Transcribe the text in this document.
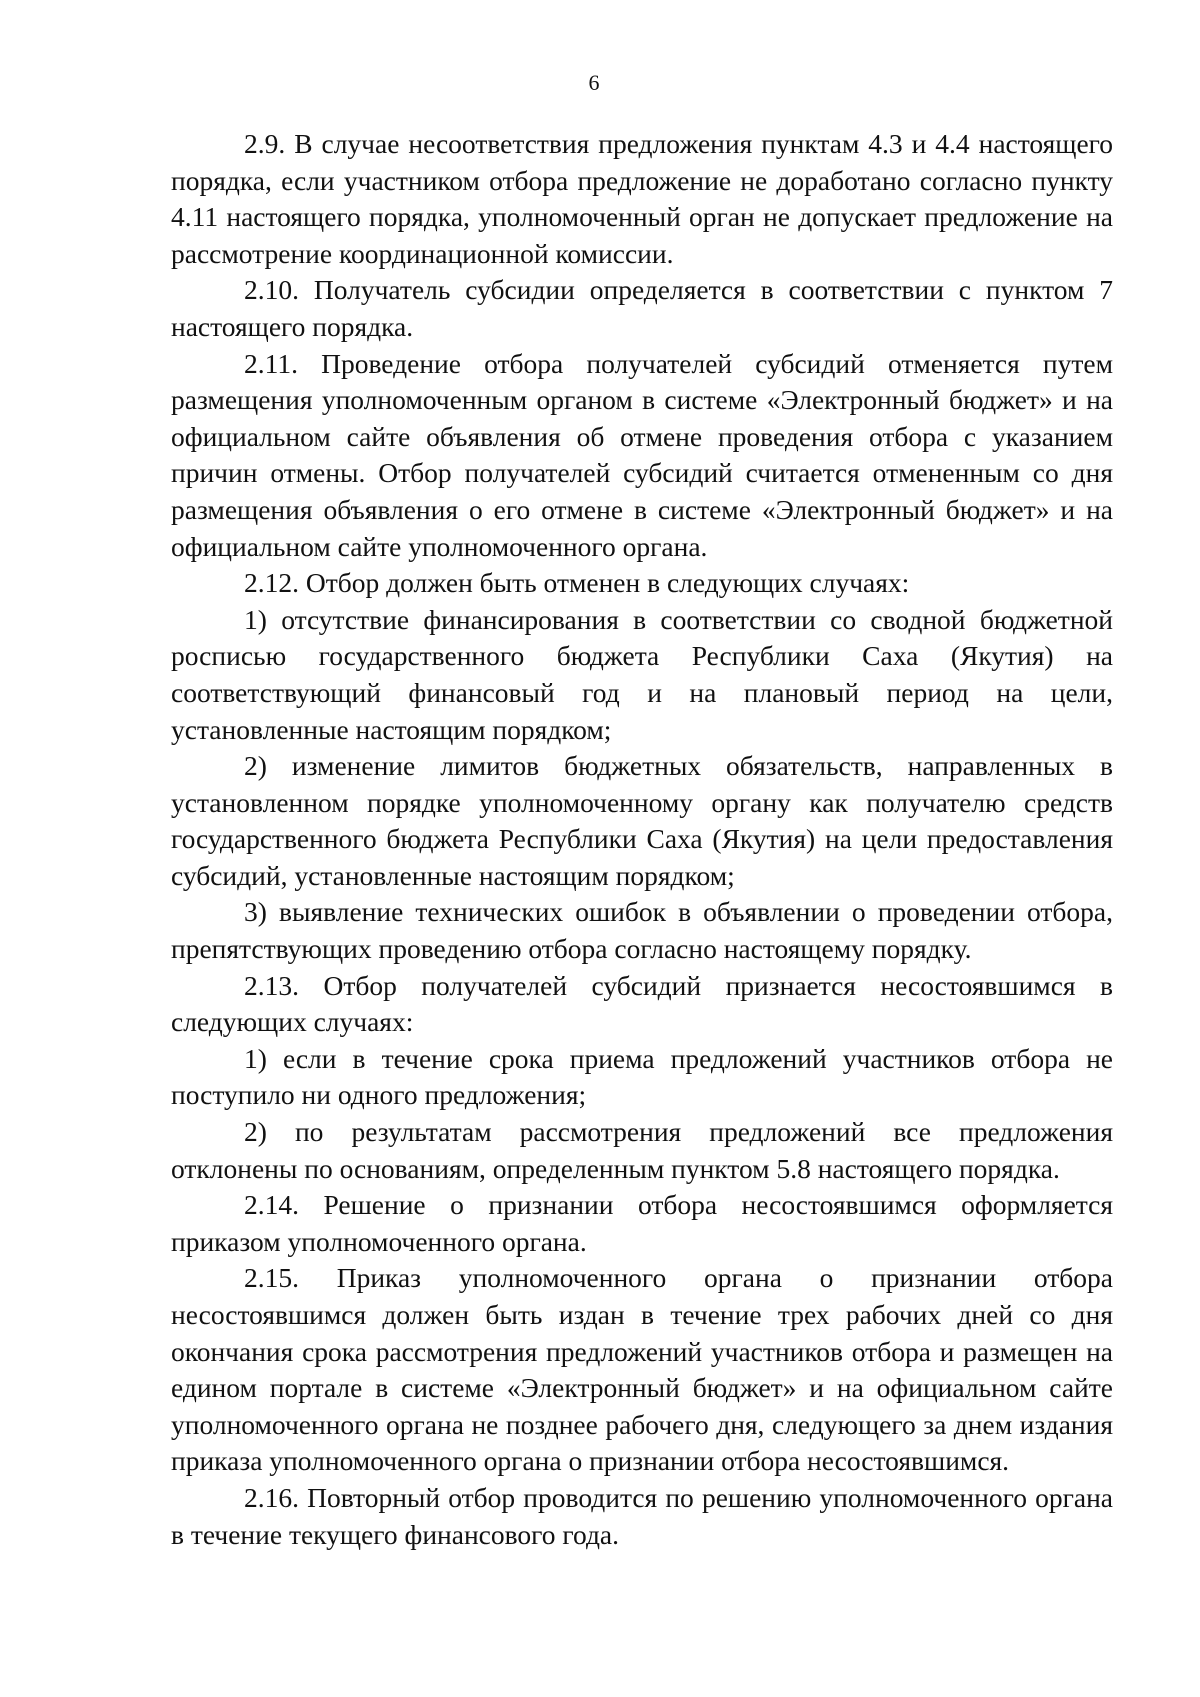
6

2.9. В случае несоответствия предложения пунктам 4.3 и 4.4 настоящего порядка, если участником отбора предложение не доработано согласно пункту 4.11 настоящего порядка, уполномоченный орган не допускает предложение на рассмотрение координационной комиссии.

2.10. Получатель субсидии определяется в соответствии с пунктом 7 настоящего порядка.

2.11. Проведение отбора получателей субсидий отменяется путем размещения уполномоченным органом в системе «Электронный бюджет» и на официальном сайте объявления об отмене проведения отбора с указанием причин отмены. Отбор получателей субсидий считается отмененным со дня размещения объявления о его отмене в системе «Электронный бюджет» и на официальном сайте уполномоченного органа.

2.12. Отбор должен быть отменен в следующих случаях:

1) отсутствие финансирования в соответствии со сводной бюджетной росписью государственного бюджета Республики Саха (Якутия) на соответствующий финансовый год и на плановый период на цели, установленные настоящим порядком;

2) изменение лимитов бюджетных обязательств, направленных в установленном порядке уполномоченному органу как получателю средств государственного бюджета Республики Саха (Якутия) на цели предоставления субсидий, установленные настоящим порядком;

3) выявление технических ошибок в объявлении о проведении отбора, препятствующих проведению отбора согласно настоящему порядку.

2.13. Отбор получателей субсидий признается несостоявшимся в следующих случаях:

1) если в течение срока приема предложений участников отбора не поступило ни одного предложения;

2) по результатам рассмотрения предложений все предложения отклонены по основаниям, определенным пунктом 5.8 настоящего порядка.

2.14. Решение о признании отбора несостоявшимся оформляется приказом уполномоченного органа.

2.15. Приказ уполномоченного органа о признании отбора несостоявшимся должен быть издан в течение трех рабочих дней со дня окончания срока рассмотрения предложений участников отбора и размещен на едином портале в системе «Электронный бюджет» и на официальном сайте уполномоченного органа не позднее рабочего дня, следующего за днем издания приказа уполномоченного органа о признании отбора несостоявшимся.

2.16. Повторный отбор проводится по решению уполномоченного органа в течение текущего финансового года.
